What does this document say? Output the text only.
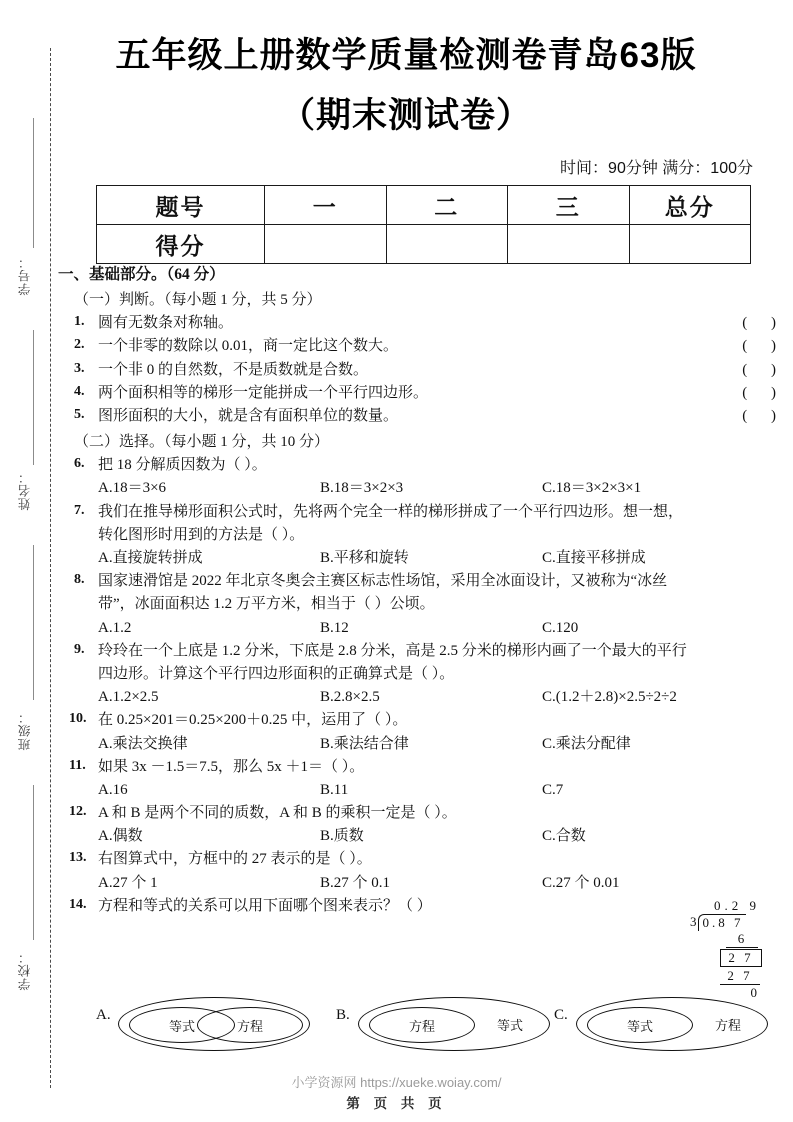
学号：
姓名：
班级：
学校：
五年级上册数学质量检测卷青岛63版
（期末测试卷）
时间：90分钟 满分：100分
题号	一	二	三	总分
得分				
一、基础部分。（64 分）
（一）判断。（每小题 1 分，共 5 分）
1. 圆有无数条对称轴。	( )
2. 一个非零的数除以 0.01，商一定比这个数大。	( )
3. 一个非 0 的自然数，不是质数就是合数。	( )
4. 两个面积相等的梯形一定能拼成一个平行四边形。	( )
5. 图形面积的大小，就是含有面积单位的数量。	( )
（二）选择。（每小题 1 分，共 10 分）
6. 把 18 分解质因数为（ ）。
A.18＝3×6	B.18＝3×2×3	C.18＝3×2×3×1
7. 我们在推导梯形面积公式时，先将两个完全一样的梯形拼成了一个平行四边形。想一想，
转化图形时用到的方法是（ ）。
A.直接旋转拼成	B.平移和旋转	C.直接平移拼成
8. 国家速滑馆是 2022 年北京冬奥会主赛区标志性场馆，采用全冰面设计，又被称为“冰丝
带”，冰面面积达 1.2 万平方米，相当于（ ）公顷。
A.1.2	B.12	C.120
9. 玲玲在一个上底是 1.2 分米，下底是 2.8 分米，高是 2.5 分米的梯形内画了一个最大的平行
四边形。计算这个平行四边形面积的正确算式是（ ）。
A.1.2×2.5	B.2.8×2.5	C.(1.2＋2.8)×2.5÷2÷2
10. 在 0.25×201＝0.25×200＋0.25 中，运用了（ ）。
A.乘法交换律	B.乘法结合律	C.乘法分配律
11. 如果 3x －1.5＝7.5，那么 5x ＋1＝（ ）。
A.16	B.11	C.7
12. A 和 B 是两个不同的质数，A 和 B 的乘积一定是（ ）。
A.偶数	B.质数	C.合数
13. 右图算式中，方框中的 27 表示的是（ ）。
A.27 个 1	B.27 个 0.1	C.27 个 0.01
14. 方程和等式的关系可以用下面哪个图来表示？（ ）	0.2 9
3 0.8 7
6
2 7
2 7
0
A.
等式	方程
B.
方程	等式
C.
等式	方程
小学资源网 https://xueke.woiay.com/
第 页 共 页
